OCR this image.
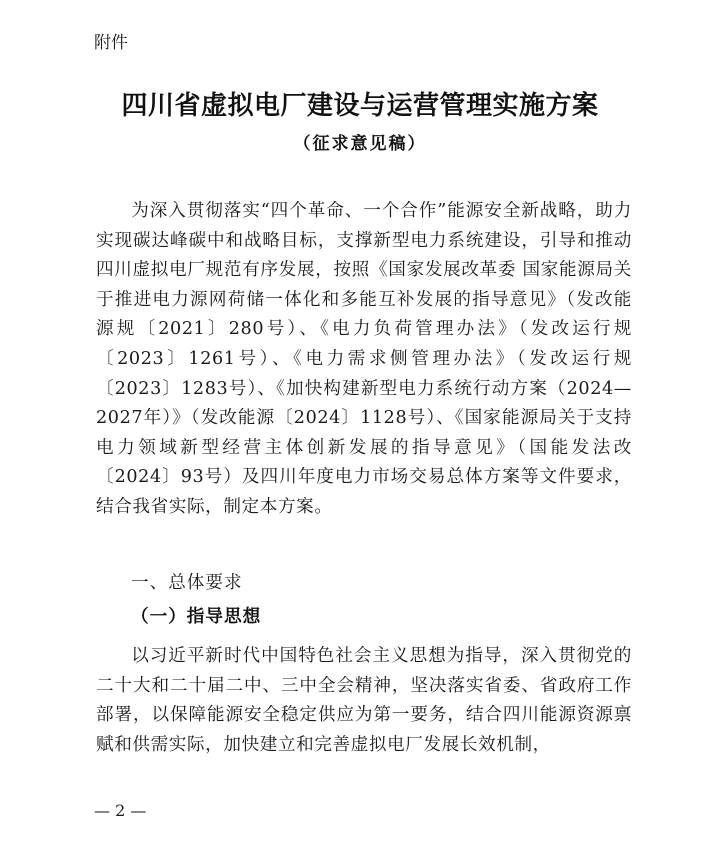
附件
四川省虚拟电厂建设与运营管理实施方案
（征求意见稿）
为深入贯彻落实“四个革命、一个合作”能源安全新战略，助力实现碳达峰碳中和战略目标，支撑新型电力系统建设，引导和推动四川虚拟电厂规范有序发展，按照《国家发展改革委 国家能源局关于推进电力源网荷储一体化和多能互补发展的指导意见》（发改能源规〔2021〕280号）、《电力负荷管理办法》（发改运行规〔2023〕1261号）、《电力需求侧管理办法》（发改运行规〔2023〕1283号）、《加快构建新型电力系统行动方案（2024—2027年）》（发改能源〔2024〕1128号）、《国家能源局关于支持电力领域新型经营主体创新发展的指导意见》（国能发法改〔2024〕93号）及四川年度电力市场交易总体方案等文件要求，结合我省实际，制定本方案。
一、总体要求
（一）指导思想
以习近平新时代中国特色社会主义思想为指导，深入贯彻党的二十大和二十届二中、三中全会精神，坚决落实省委、省政府工作部署，以保障能源安全稳定供应为第一要务，结合四川能源资源禀赋和供需实际，加快建立和完善虚拟电厂发展长效机制，
— 2 —
